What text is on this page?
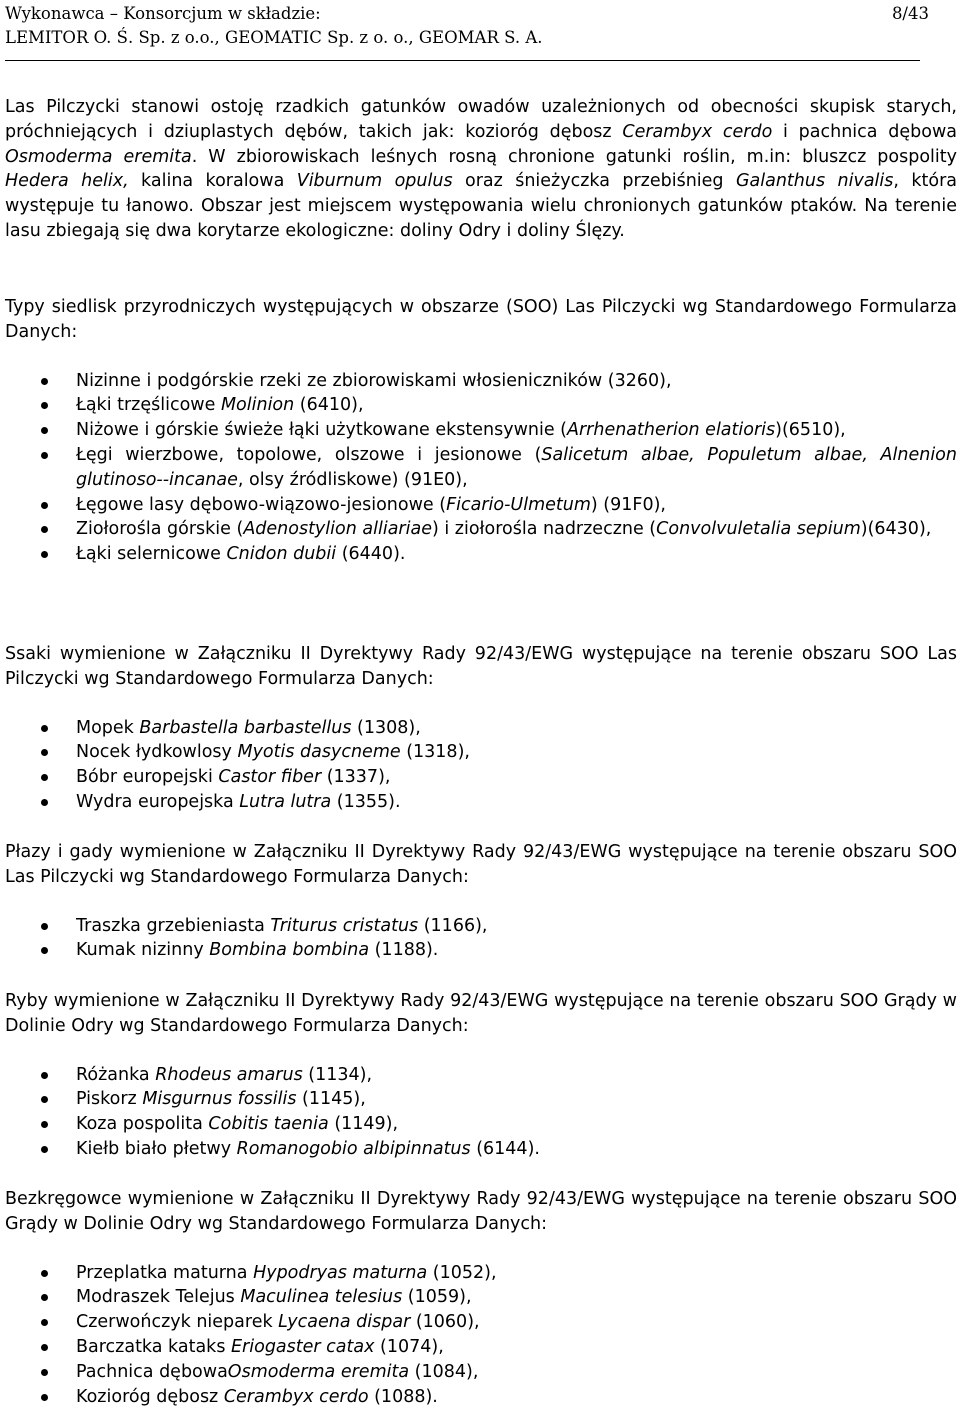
Wykonawca – Konsorcjum w składzie:	8/43
LEMITOR O. Ś. Sp. z o.o., GEOMATIC Sp. z o. o., GEOMAR S. A.

Las Pilczycki stanowi ostoję rzadkich gatunków owadów uzależnionych od obecności skupisk starych, próchniejących i dziuplastych dębów, takich jak: kozioróg dębosz Cerambyx cerdo i pachnica dębowa Osmoderma eremita. W zbiorowiskach leśnych rosną chronione gatunki roślin, m.in: bluszcz pospolity Hedera helix, kalina koralowa Viburnum opulus oraz śnieżyczka przebiśnieg Galanthus nivalis, która występuje tu łanowo. Obszar jest miejscem występowania wielu chronionych gatunków ptaków. Na terenie lasu zbiegają się dwa korytarze ekologiczne: doliny Odry i doliny Ślęzy.

Typy siedlisk przyrodniczych występujących w obszarze (SOO) Las Pilczycki wg Standardowego Formularza Danych:

Nizinne i podgórskie rzeki ze zbiorowiskami włosieniczników (3260),
Łąki trzęślicowe Molinion (6410),
Niżowe i górskie świeże łąki użytkowane ekstensywnie (Arrhenatherion elatioris)(6510),
Łęgi wierzbowe, topolowe, olszowe i jesionowe (Salicetum albae, Populetum albae, Alnenion glutinoso--incanae, olsy źródliskowe) (91E0),
Łęgowe lasy dębowo-wiązowo-jesionowe (Ficario-Ulmetum) (91F0),
Ziołorośla górskie (Adenostylion alliariae) i ziołorośla nadrzeczne (Convolvuletalia sepium)(6430),
Łąki selernicowe Cnidon dubii (6440).

Ssaki wymienione w Załączniku II Dyrektywy Rady 92/43/EWG występujące na terenie obszaru SOO Las Pilczycki wg Standardowego Formularza Danych:

Mopek Barbastella barbastellus (1308),
Nocek łydkowlosy Myotis dasycneme (1318),
Bóbr europejski Castor fiber (1337),
Wydra europejska Lutra lutra (1355).

Płazy i gady wymienione w Załączniku II Dyrektywy Rady 92/43/EWG występujące na terenie obszaru SOO Las Pilczycki wg Standardowego Formularza Danych:

Traszka grzebieniasta Triturus cristatus (1166),
Kumak nizinny Bombina bombina (1188).

Ryby wymienione w Załączniku II Dyrektywy Rady 92/43/EWG występujące na terenie obszaru SOO Grądy w Dolinie Odry wg Standardowego Formularza Danych:

Różanka Rhodeus amarus (1134),
Piskorz Misgurnus fossilis (1145),
Koza pospolita Cobitis taenia (1149),
Kiełb biało płetwy Romanogobio albipinnatus (6144).

Bezkręgowce wymienione w Załączniku II Dyrektywy Rady 92/43/EWG występujące na terenie obszaru SOO Grądy w Dolinie Odry wg Standardowego Formularza Danych:

Przeplatka maturna Hypodryas maturna (1052),
Modraszek Telejus Maculinea telesius (1059),
Czerwończyk nieparek Lycaena dispar (1060),
Barczatka kataks Eriogaster catax (1074),
Pachnica dębowaOsmoderma eremita (1084),
Kozioróg dębosz Cerambyx cerdo (1088).
